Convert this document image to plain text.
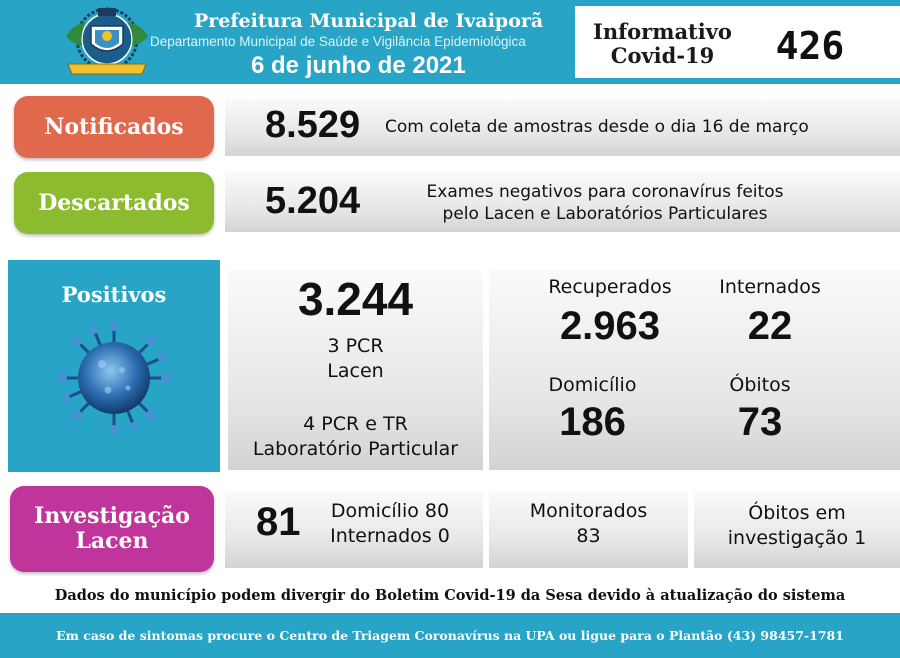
Prefeitura Municipal de Ivaiporã
Departamento Municipal de Saúde e Vigilância Epidemiológica
6 de junho de 2021
Informativo
Covid-19	426
Notificados	8.529 Com coleta de amostras desde o dia 16 de março
Descartados	5.204	Exames negativos para coronavírus feitos
pelo Lacen e Laboratórios Particulares
Positivos	3.244
3 PCR
Lacen
4 PCR e TR
Laboratório Particular
Recuperados
2.963
Internados
22
Domicílio
186
Óbitos
73
Investigação
Lacen	81	Domicílio 80
Internados 0
Monitorados
83
Óbitos em
investigação 1
Dados do município podem divergir do Boletim Covid-19 da Sesa devido à atualização do sistema
Em caso de sintomas procure o Centro de Triagem Coronavírus na UPA ou ligue para o Plantão (43) 98457-1781
